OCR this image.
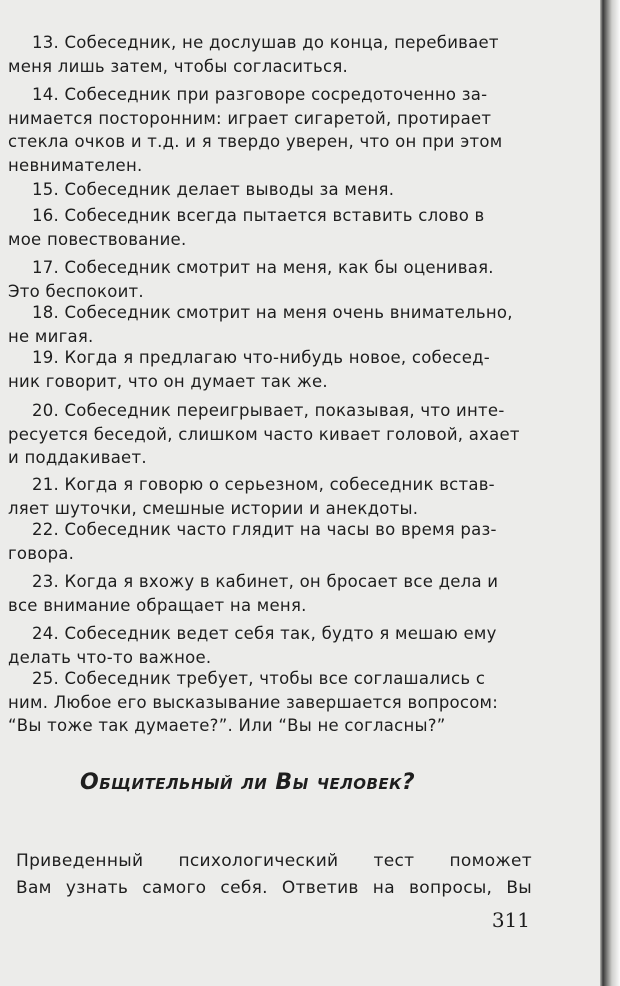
13. Собеседник, не дослушав до конца, перебивает
меня лишь затем, чтобы согласиться.
14. Собеседник при разговоре сосредоточенно за-
нимается посторонним: играет сигаретой, протирает
стекла очков и т.д. и я твердо уверен, что он при этом
невнимателен.
15. Собеседник делает выводы за меня.
16. Собеседник всегда пытается вставить слово в
мое повествование.
17. Собеседник смотрит на меня, как бы оценивая.
Это беспокоит.
18. Собеседник смотрит на меня очень внимательно,
не мигая.
19. Когда я предлагаю что-нибудь новое, собесед-
ник говорит, что он думает так же.
20. Собеседник переигрывает, показывая, что инте-
ресуется беседой, слишком часто кивает головой, ахает
и поддакивает.
21. Когда я говорю о серьезном, собеседник встав-
ляет шуточки, смешные истории и анекдоты.
22. Собеседник часто глядит на часы во время раз-
говора.
23. Когда я вхожу в кабинет, он бросает все дела и
все внимание обращает на меня.
24. Собеседник ведет себя так, будто я мешаю ему
делать что-то важное.
25. Собеседник требует, чтобы все соглашались с
ним. Любое его высказывание завершается вопросом:
“Вы тоже так думаете?”. Или “Вы не согласны?”
Общительный ли Вы человек?
Приведенный психологический тест поможет
Вам узнать самого себя. Ответив на вопросы, Вы
311
